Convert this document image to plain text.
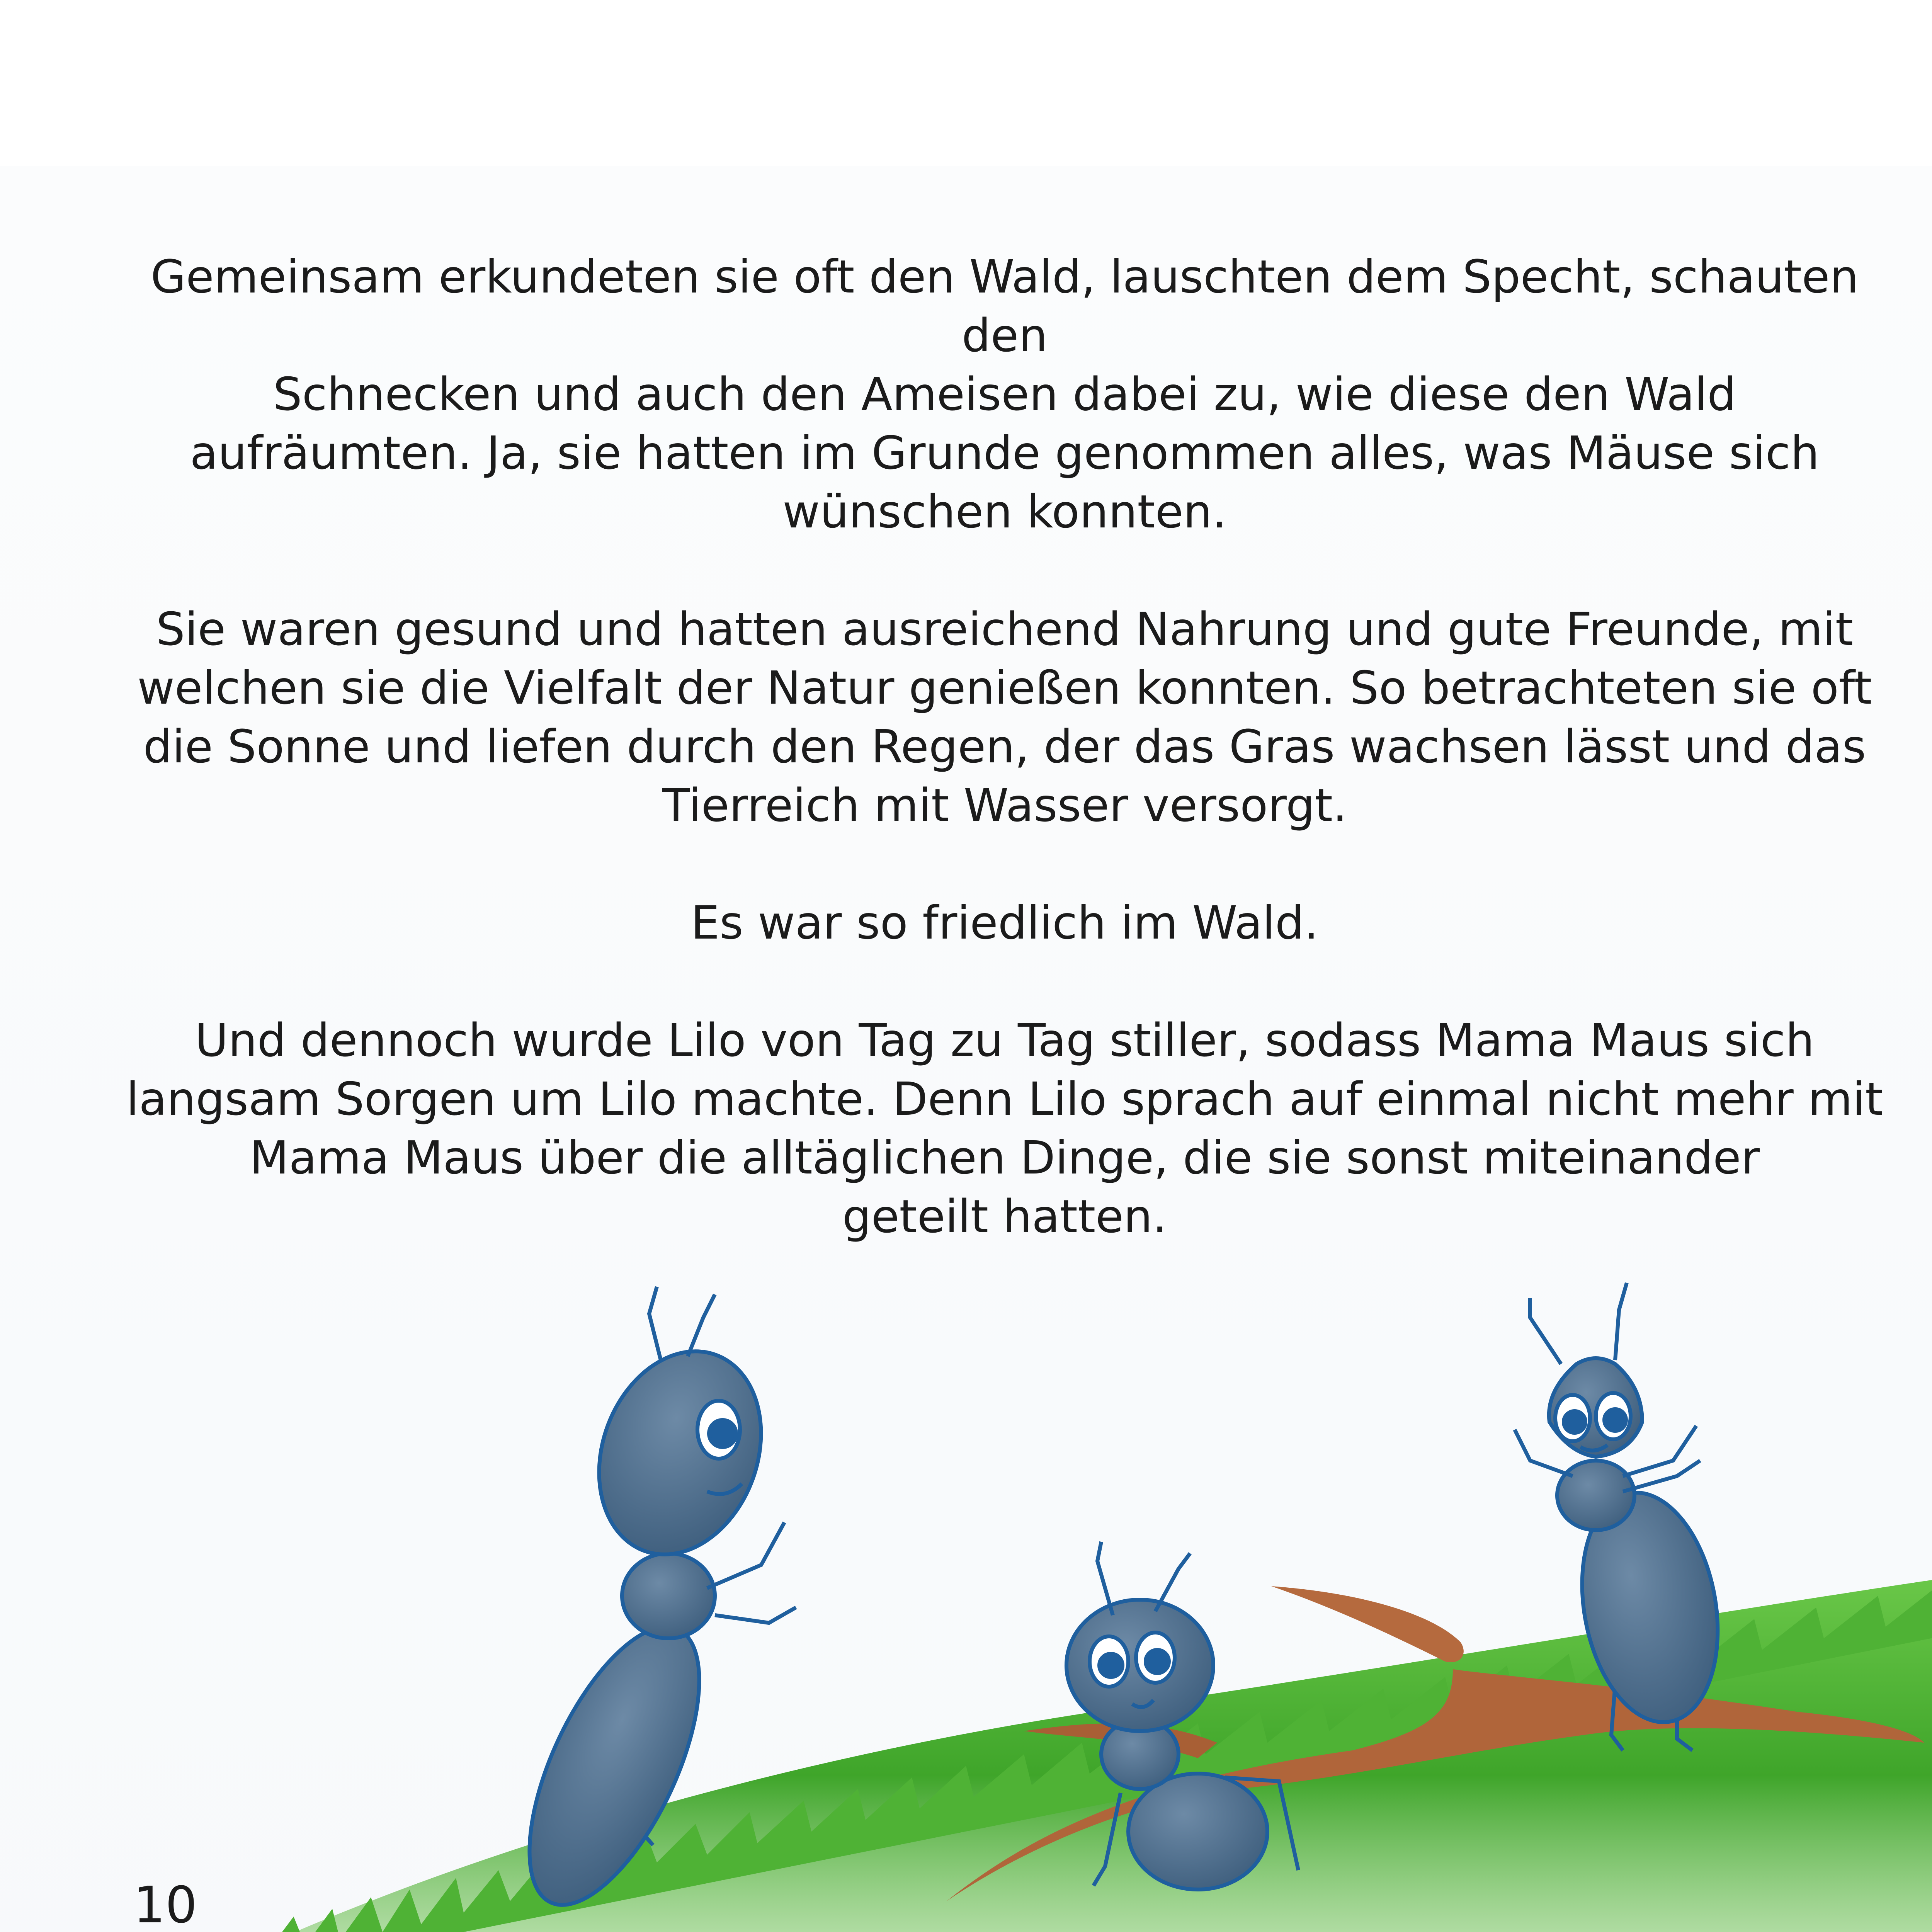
Gemeinsam erkundeten sie oft den Wald, lauschten dem Specht, schauten den
Schnecken und auch den Ameisen dabei zu, wie diese den Wald
aufräumten. Ja, sie hatten im Grunde genommen alles, was Mäuse sich
wünschen konnten.

Sie waren gesund und hatten ausreichend Nahrung und gute Freunde, mit
welchen sie die Vielfalt der Natur genießen konnten. So betrachteten sie oft
die Sonne und liefen durch den Regen, der das Gras wachsen lässt und das
Tierreich mit Wasser versorgt.

Es war so friedlich im Wald.

Und dennoch wurde Lilo von Tag zu Tag stiller, sodass Mama Maus sich
langsam Sorgen um Lilo machte. Denn Lilo sprach auf einmal nicht mehr mit
Mama Maus über die alltäglichen Dinge, die sie sonst miteinander
geteilt hatten.

10
